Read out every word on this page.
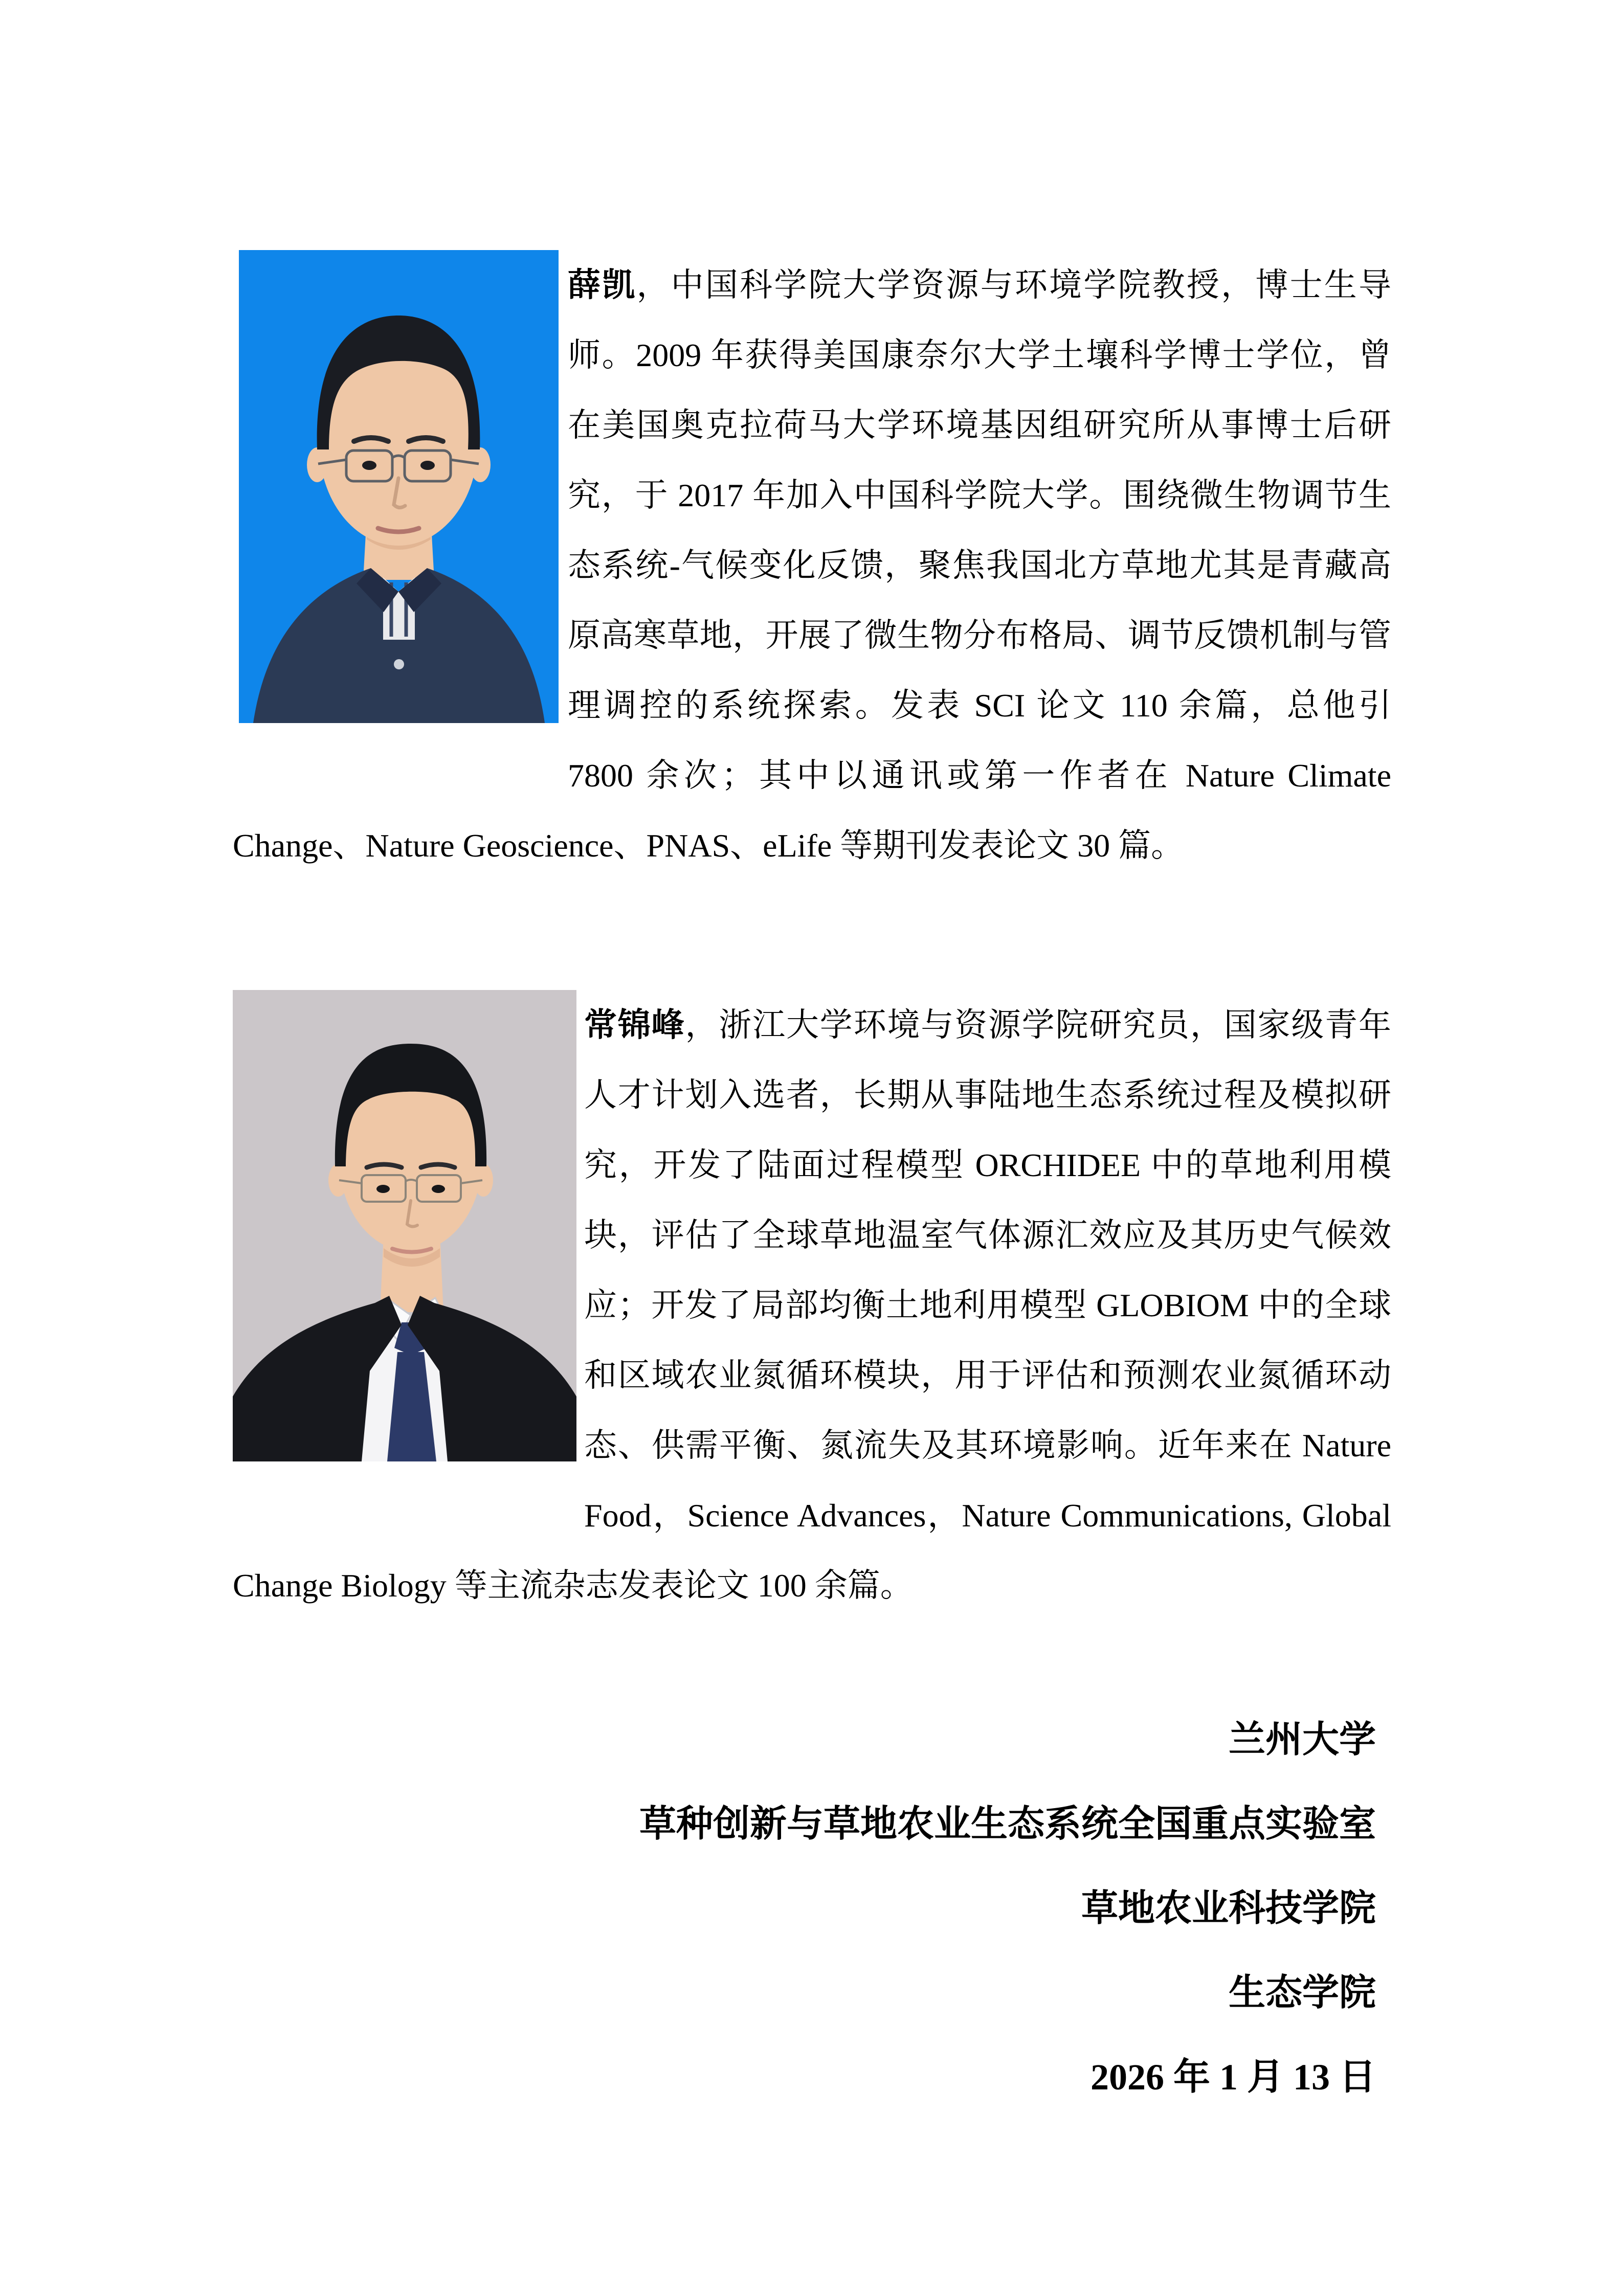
薛凯，中国科学院大学资源与环境学院教授，博士生导师。2009 年获得美国康奈尔大学土壤科学博士学位，曾在美国奥克拉荷马大学环境基因组研究所从事博士后研究，于 2017 年加入中国科学院大学。围绕微生物调节生态系统-气候变化反馈，聚焦我国北方草地尤其是青藏高原高寒草地，开展了微生物分布格局、调节反馈机制与管理调控的系统探索。发表 SCI 论文 110 余篇，总他引 7800 余次；其中以通讯或第一作者在 Nature Climate Change、Nature Geoscience、PNAS、eLife 等期刊发表论文 30 篇。

常锦峰，浙江大学环境与资源学院研究员，国家级青年人才计划入选者，长期从事陆地生态系统过程及模拟研究，开发了陆面过程模型 ORCHIDEE 中的草地利用模块，评估了全球草地温室气体源汇效应及其历史气候效应；开发了局部均衡土地利用模型 GLOBIOM 中的全球和区域农业氮循环模块，用于评估和预测农业氮循环动态、供需平衡、氮流失及其环境影响。近年来在 Nature Food，Science Advances，Nature Communications, Global Change Biology 等主流杂志发表论文 100 余篇。

兰州大学
草种创新与草地农业生态系统全国重点实验室
草地农业科技学院
生态学院
2026 年 1 月 13 日
